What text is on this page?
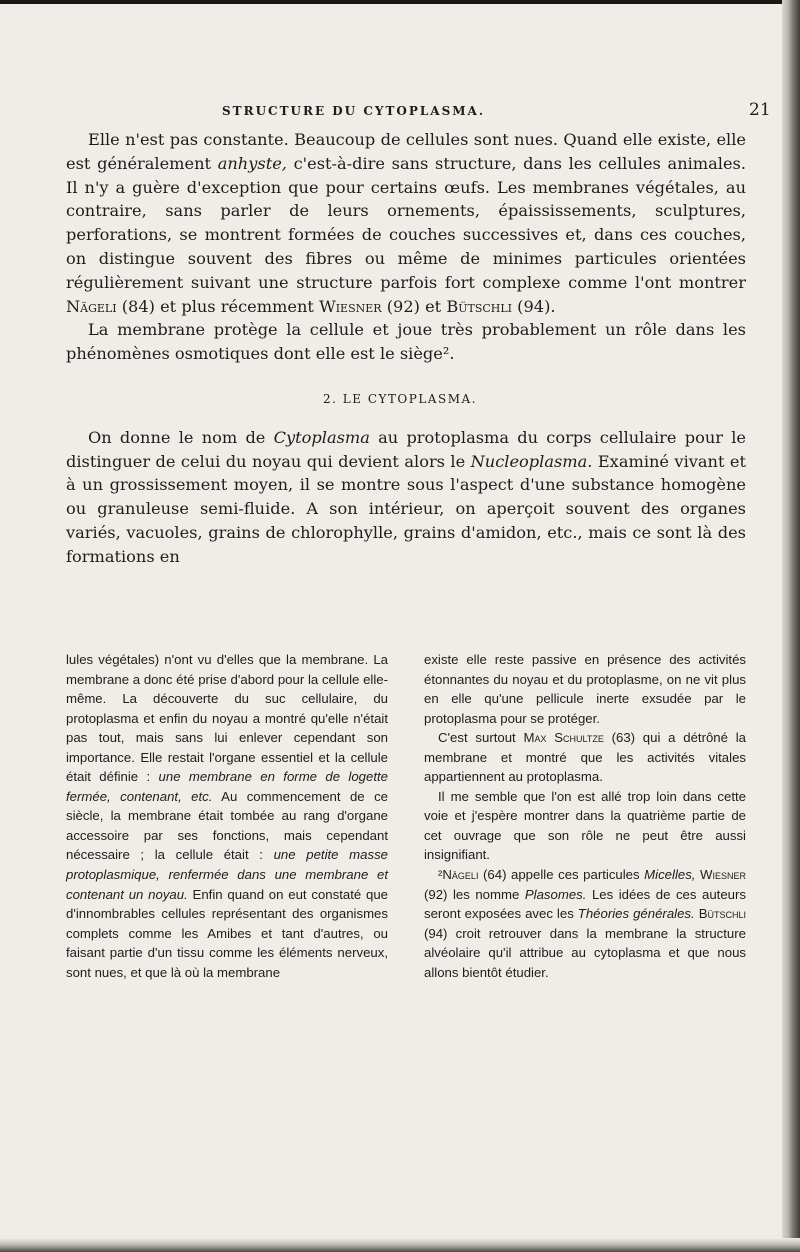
STRUCTURE DU CYTOPLASMA.	21

Elle n'est pas constante. Beaucoup de cellules sont nues. Quand elle existe, elle est généralement anhyste, c'est-à-dire sans structure, dans les cellules animales. Il n'y a guère d'exception que pour certains œufs. Les membranes végétales, au contraire, sans parler de leurs ornements, épaississements, sculptures, perforations, se montrent formées de couches successives et, dans ces couches, on distingue souvent des fibres ou même de minimes particules orientées régulièrement suivant une structure parfois fort complexe comme l'ont montrer Nägeli (84) et plus récemment Wiesner (92) et Bütschli (94).

La membrane protège la cellule et joue très probablement un rôle dans les phénomènes osmotiques dont elle est le siège².

2. LE CYTOPLASMA.

On donne le nom de Cytoplasma au protoplasma du corps cellulaire pour le distinguer de celui du noyau qui devient alors le Nucleoplasma. Examiné vivant et à un grossissement moyen, il se montre sous l'aspect d'une substance homogène ou granuleuse semi-fluide. A son intérieur, on aperçoit souvent des organes variés, vacuoles, grains de chlorophylle, grains d'amidon, etc., mais ce sont là des formations en

lules végétales) n'ont vu d'elles que la membrane. La membrane a donc été prise d'abord pour la cellule elle-même. La découverte du suc cellulaire, du protoplasma et enfin du noyau a montré qu'elle n'était pas tout, mais sans lui enlever cependant son importance. Elle restait l'organe essentiel et la cellule était définie : une membrane en forme de logette fermée, contenant, etc. Au commencement de ce siècle, la membrane était tombée au rang d'organe accessoire par ses fonctions, mais cependant nécessaire ; la cellule était : une petite masse protoplasmique, renfermée dans une membrane et contenant un noyau. Enfin quand on eut constaté que d'innombrables cellules représentant des organismes complets comme les Amibes et tant d'autres, ou faisant partie d'un tissu comme les éléments nerveux, sont nues, et que là où la membrane

existe elle reste passive en présence des activités étonnantes du noyau et du protoplasme, on ne vit plus en elle qu'une pellicule inerte exsudée par le protoplasma pour se protéger.

C'est surtout Max Schultze (63) qui a détrôné la membrane et montré que les activités vitales appartiennent au protoplasma.

Il me semble que l'on est allé trop loin dans cette voie et j'espère montrer dans la quatrième partie de cet ouvrage que son rôle ne peut être aussi insignifiant.

²Nägeli (64) appelle ces particules Micelles, Wiesner (92) les nomme Plasomes. Les idées de ces auteurs seront exposées avec les Théories générales. Bütschli (94) croit retrouver dans la membrane la structure alvéolaire qu'il attribue au cytoplasma et que nous allons bientôt étudier.
